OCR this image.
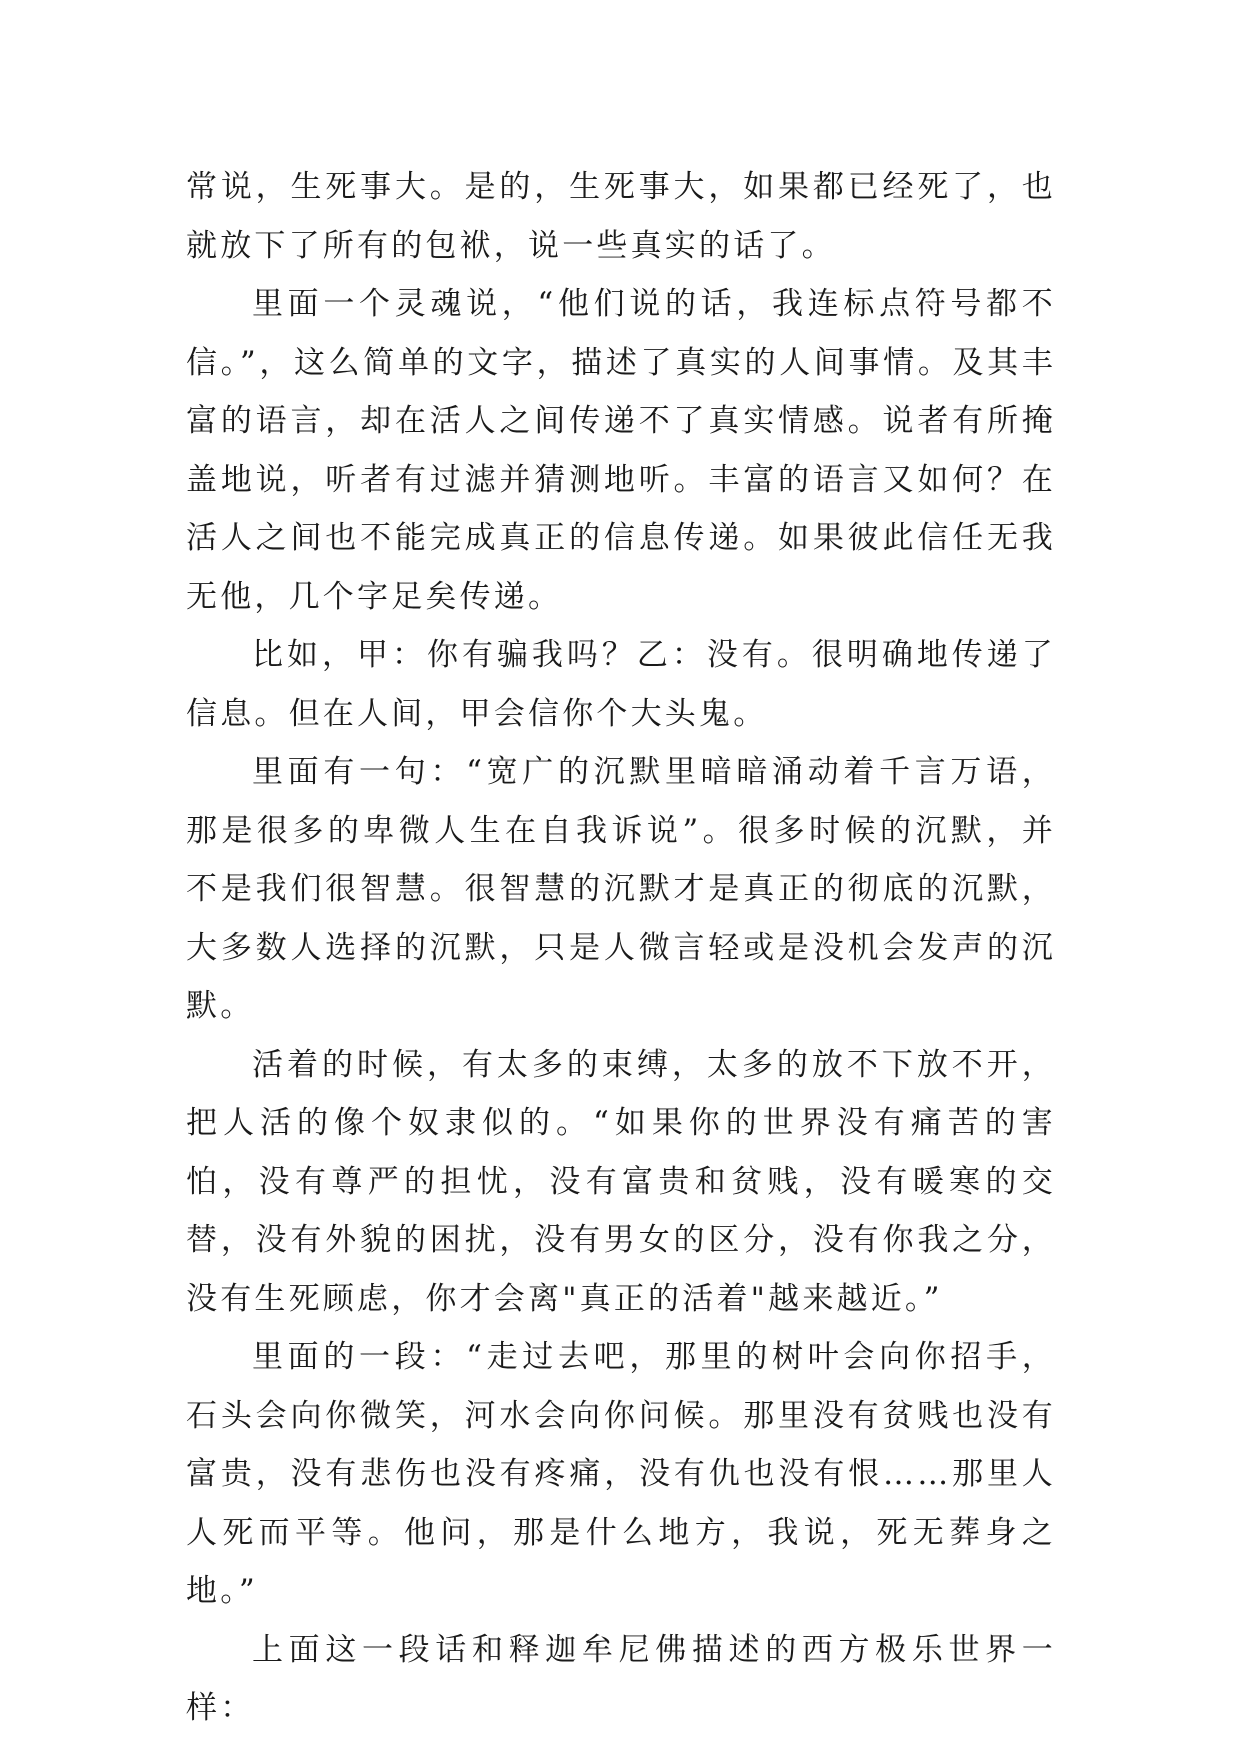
常说，生死事大。是的，生死事大，如果都已经死了，也就放下了所有的包袱，说一些真实的话了。

里面一个灵魂说，“他们说的话，我连标点符号都不信。”，这么简单的文字，描述了真实的人间事情。及其丰富的语言，却在活人之间传递不了真实情感。说者有所掩盖地说，听者有过滤并猜测地听。丰富的语言又如何？在活人之间也不能完成真正的信息传递。如果彼此信任无我无他，几个字足矣传递。

比如，甲：你有骗我吗？乙：没有。很明确地传递了信息。但在人间，甲会信你个大头鬼。

里面有一句：“宽广的沉默里暗暗涌动着千言万语，那是很多的卑微人生在自我诉说”。很多时候的沉默，并不是我们很智慧。很智慧的沉默才是真正的彻底的沉默，大多数人选择的沉默，只是人微言轻或是没机会发声的沉默。

活着的时候，有太多的束缚，太多的放不下放不开，把人活的像个奴隶似的。“如果你的世界没有痛苦的害怕，没有尊严的担忧，没有富贵和贫贱，没有暖寒的交替，没有外貌的困扰，没有男女的区分，没有你我之分，没有生死顾虑，你才会离"真正的活着"越来越近。”

里面的一段：“走过去吧，那里的树叶会向你招手，石头会向你微笑，河水会向你问候。那里没有贫贱也没有富贵，没有悲伤也没有疼痛，没有仇也没有恨……那里人人死而平等。他问，那是什么地方，我说，死无葬身之地。”

上面这一段话和释迦牟尼佛描述的西方极乐世界一样：
